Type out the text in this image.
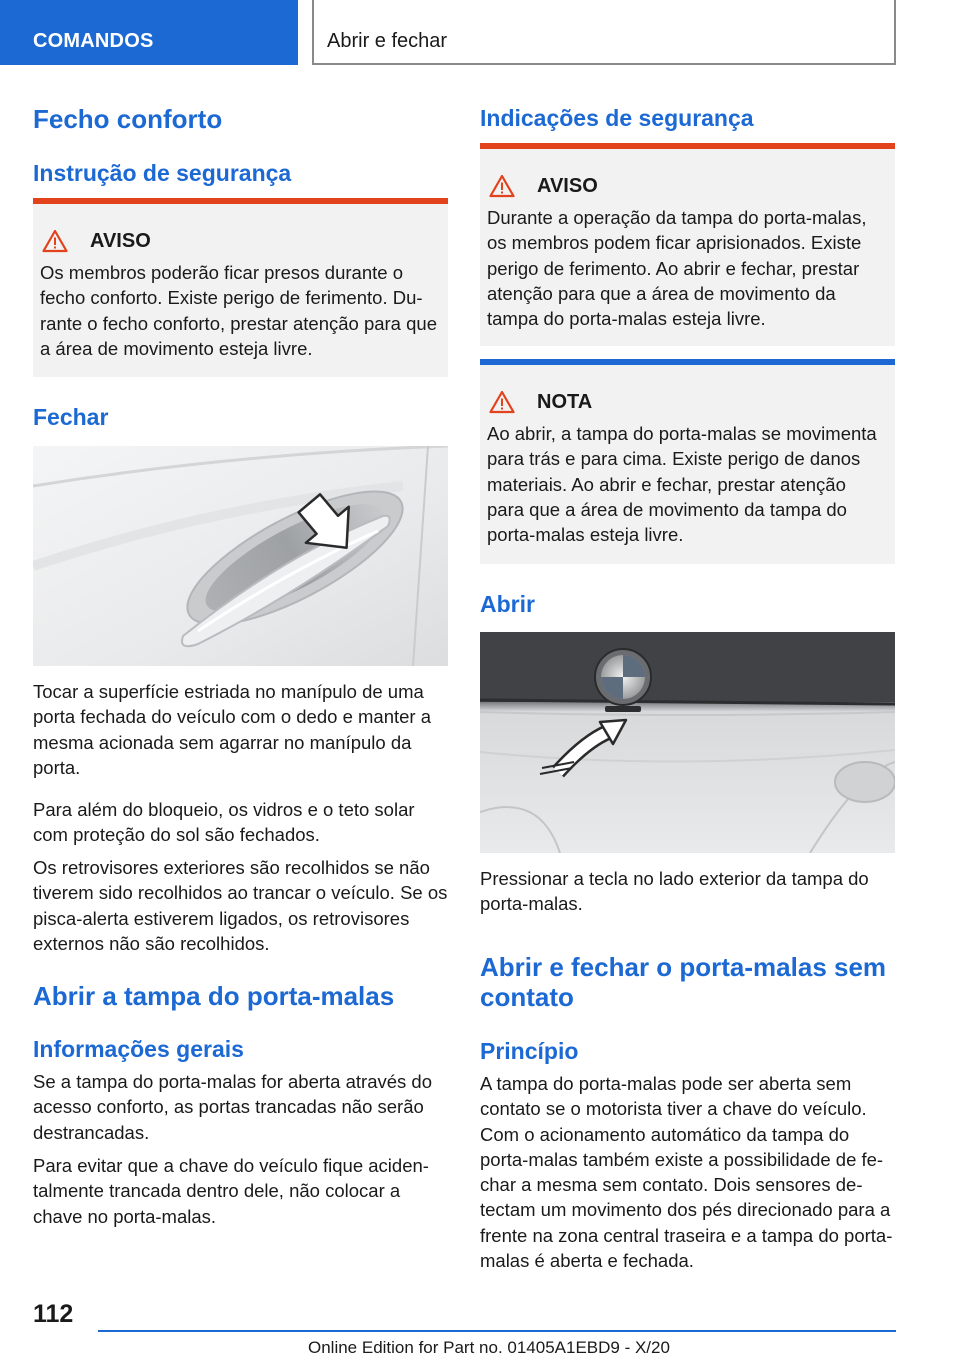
COMANDOS	Abrir e fechar
Fecho conforto
Instrução de segurança
AVISO
Os membros poderão ficar presos durante o fecho conforto. Existe perigo de ferimento. Du-rante o fecho conforto, prestar atenção para que a área de movimento esteja livre.
Fechar
Tocar a superfície estriada no manípulo de uma porta fechada do veículo com o dedo e manter a mesma acionada sem agarrar no manípulo da porta.
Para além do bloqueio, os vidros e o teto solar com proteção do sol são fechados.
Os retrovisores exteriores são recolhidos se não tiverem sido recolhidos ao trancar o veículo. Se os pisca-alerta estiverem ligados, os retrovisores externos não são recolhidos.
Abrir a tampa do porta-malas
Informações gerais
Se a tampa do porta-malas for aberta através do acesso conforto, as portas trancadas não serão destrancadas.
Para evitar que a chave do veículo fique aciden-talmente trancada dentro dele, não colocar a chave no porta-malas.
Indicações de segurança
AVISO
Durante a operação da tampa do porta-malas, os membros podem ficar aprisionados. Existe perigo de ferimento. Ao abrir e fechar, prestar atenção para que a área de movimento da tampa do porta-malas esteja livre.
NOTA
Ao abrir, a tampa do porta-malas se movimenta para trás e para cima. Existe perigo de danos materiais. Ao abrir e fechar, prestar atenção para que a área de movimento da tampa do porta-malas esteja livre.
Abrir
Pressionar a tecla no lado exterior da tampa do porta-malas.
Abrir e fechar o porta-malas sem contato
Princípio
A tampa do porta-malas pode ser aberta sem contato se o motorista tiver a chave do veículo. Com o acionamento automático da tampa do porta-malas também existe a possibilidade de fe-char a mesma sem contato. Dois sensores de-tectam um movimento dos pés direcionado para a frente na zona central traseira e a tampa do porta-malas é aberta e fechada.
112
Online Edition for Part no. 01405A1EBD9 - X/20
